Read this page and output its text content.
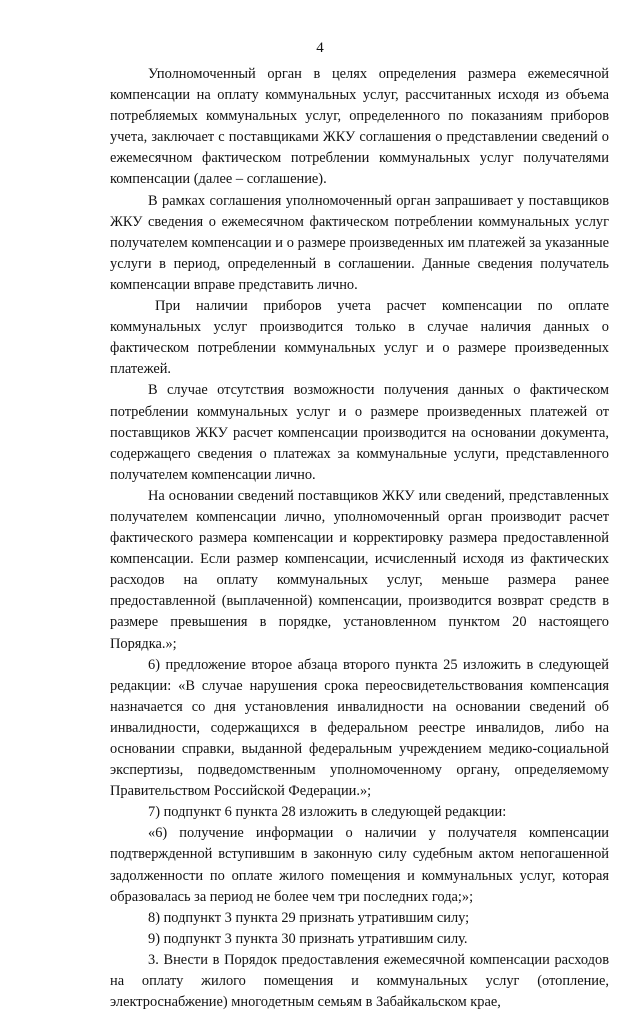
4

Уполномоченный орган в целях определения размера ежемесячной компенсации на оплату коммунальных услуг, рассчитанных исходя из объема потребляемых коммунальных услуг, определенного по показаниям приборов учета, заключает с поставщиками ЖКУ соглашения о представлении сведений о ежемесячном фактическом потреблении коммунальных услуг получателями компенсации (далее – соглашение).

В рамках соглашения уполномоченный орган запрашивает у поставщиков ЖКУ сведения о ежемесячном фактическом потреблении коммунальных услуг получателем компенсации и о размере произведенных им платежей за указанные услуги в период, определенный в соглашении. Данные сведения получатель компенсации вправе представить лично.

При наличии приборов учета расчет компенсации по оплате коммунальных услуг производится только в случае наличия данных о фактическом потреблении коммунальных услуг и о размере произведенных платежей.

В случае отсутствия возможности получения данных о фактическом потреблении коммунальных услуг и о размере произведенных платежей от поставщиков ЖКУ расчет компенсации производится на основании документа, содержащего сведения о платежах за коммунальные услуги, представленного получателем компенсации лично.

На основании сведений поставщиков ЖКУ или сведений, представленных получателем компенсации лично, уполномоченный орган производит расчет фактического размера компенсации и корректировку размера предоставленной компенсации. Если размер компенсации, исчисленный исходя из фактических расходов на оплату коммунальных услуг, меньше размера ранее предоставленной (выплаченной) компенсации, производится возврат средств в размере превышения в порядке, установленном пунктом 20 настоящего Порядка.»;

6) предложение второе абзаца второго пункта 25 изложить в следующей редакции: «В случае нарушения срока переосвидетельствования компенсация назначается со дня установления инвалидности на основании сведений об инвалидности, содержащихся в федеральном реестре инвалидов, либо на основании справки, выданной федеральным учреждением медико-социальной экспертизы, подведомственным уполномоченному органу, определяемому Правительством Российской Федерации.»;

7) подпункт 6 пункта 28 изложить в следующей редакции:

«6) получение информации о наличии у получателя компенсации подтвержденной вступившим в законную силу судебным актом непогашенной задолженности по оплате жилого помещения и коммунальных услуг, которая образовалась за период не более чем три последних года;»;

8) подпункт 3 пункта 29 признать утратившим силу;

9) подпункт 3 пункта 30 признать утратившим силу.

3. Внести в Порядок предоставления ежемесячной компенсации расходов на оплату жилого помещения и коммунальных услуг (отопление, электроснабжение) многодетным семьям в Забайкальском крае,
